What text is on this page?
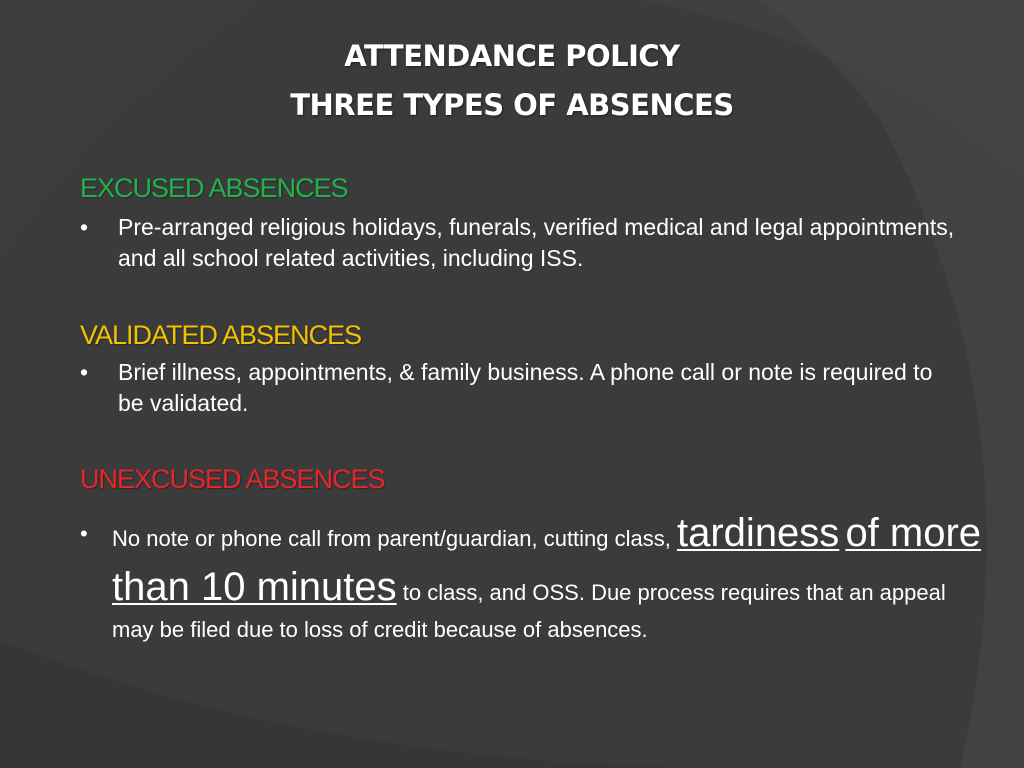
ATTENDANCE POLICY
THREE TYPES OF ABSENCES
EXCUSED ABSENCES
• Pre-arranged religious holidays, funerals, verified medical and legal appointments, and all school related activities, including ISS.
VALIDATED ABSENCES
• Brief illness, appointments, & family business. A phone call or note is required to be validated.
UNEXCUSED ABSENCES
• No note or phone call from parent/guardian, cutting class, tardiness of more than 10 minutes to class, and OSS. Due process requires that an appeal may be filed due to loss of credit because of absences.
